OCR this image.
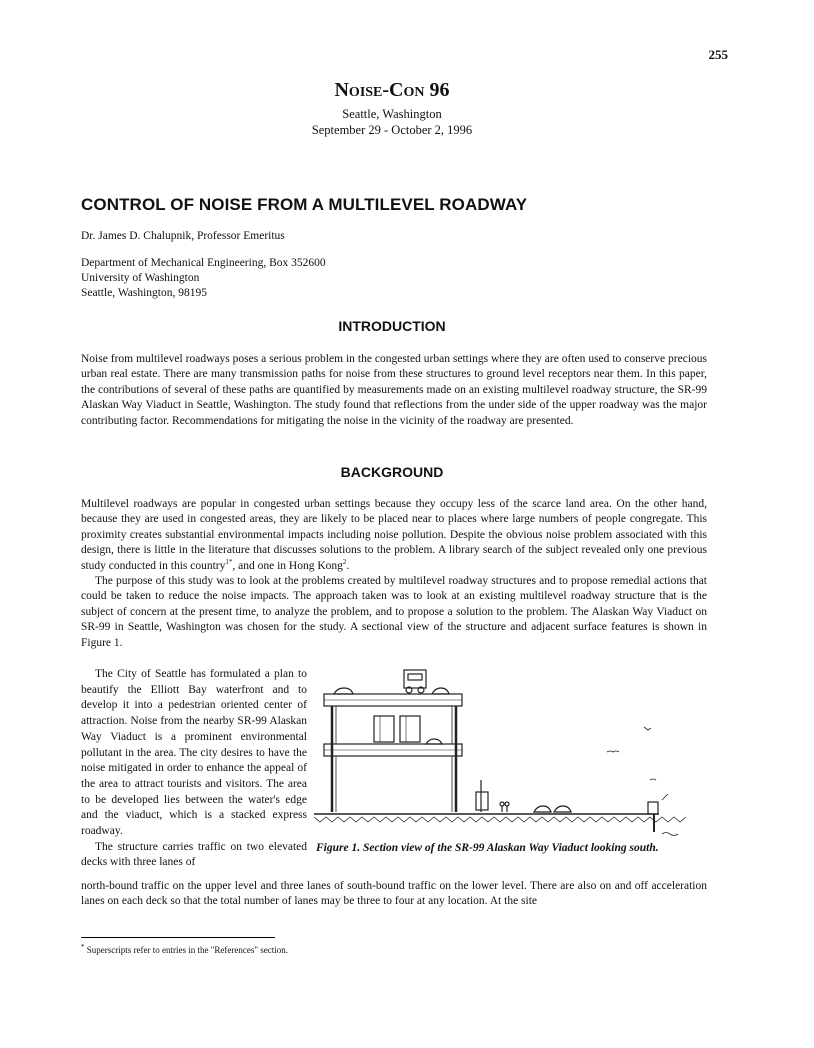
255
Noise-Con 96
Seattle, Washington
September 29 - October 2, 1996
CONTROL OF NOISE FROM A MULTILEVEL ROADWAY
Dr. James D. Chalupnik, Professor Emeritus
Department of Mechanical Engineering, Box 352600
University of Washington
Seattle, Washington, 98195
INTRODUCTION

Noise from multilevel roadways poses a serious problem in the congested urban settings where they are often used to conserve precious urban real estate. There are many transmission paths for noise from these structures to ground level receptors near them. In this paper, the contributions of several of these paths are quantified by measurements made on an existing multilevel roadway structure, the SR-99 Alaskan Way Viaduct in Seattle, Washington. The study found that reflections from the under side of the upper roadway was the major contributing factor. Recommendations for mitigating the noise in the vicinity of the roadway are presented.

BACKGROUND

Multilevel roadways are popular in congested urban settings because they occupy less of the scarce land area. On the other hand, because they are used in congested areas, they are likely to be placed near to places where large numbers of people congregate. This proximity creates substantial environmental impacts including noise pollution. Despite the obvious noise problem associated with this design, there is little in the literature that discusses solutions to the problem. A library search of the subject revealed only one previous study conducted in this country$^{1*}$, and one in Hong Kong$^2$.

The purpose of this study was to look at the problems created by multilevel roadway structures and to propose remedial actions that could be taken to reduce the noise impacts. The approach taken was to look at an existing multilevel roadway structure that is the subject of concern at the present time, to analyze the problem, and to propose a solution to the problem. The Alaskan Way Viaduct on SR-99 in Seattle, Washington was chosen for the study. A sectional view of the structure and adjacent surface features is shown in Figure 1.

The City of Seattle has formulated a plan to beautify the Elliott Bay waterfront and to develop it into a pedestrian oriented center of attraction. Noise from the nearby SR-99 Alaskan Way Viaduct is a prominent environmental pollutant in the area. The city desires to have the noise mitigated in order to enhance the appeal of the area to attract tourists and visitors. The area to be developed lies between the water's edge and the viaduct, which is a stacked express roadway.

The structure carries traffic on two elevated decks with three lanes of

Figure 1. Section view of the SR-99 Alaskan Way Viaduct looking south.

north-bound traffic on the upper level and three lanes of south-bound traffic on the lower level. There are also on and off acceleration lanes on each deck so that the total number of lanes may be three to four at any location. At the site

* Superscripts refer to entries in the "References" section.
